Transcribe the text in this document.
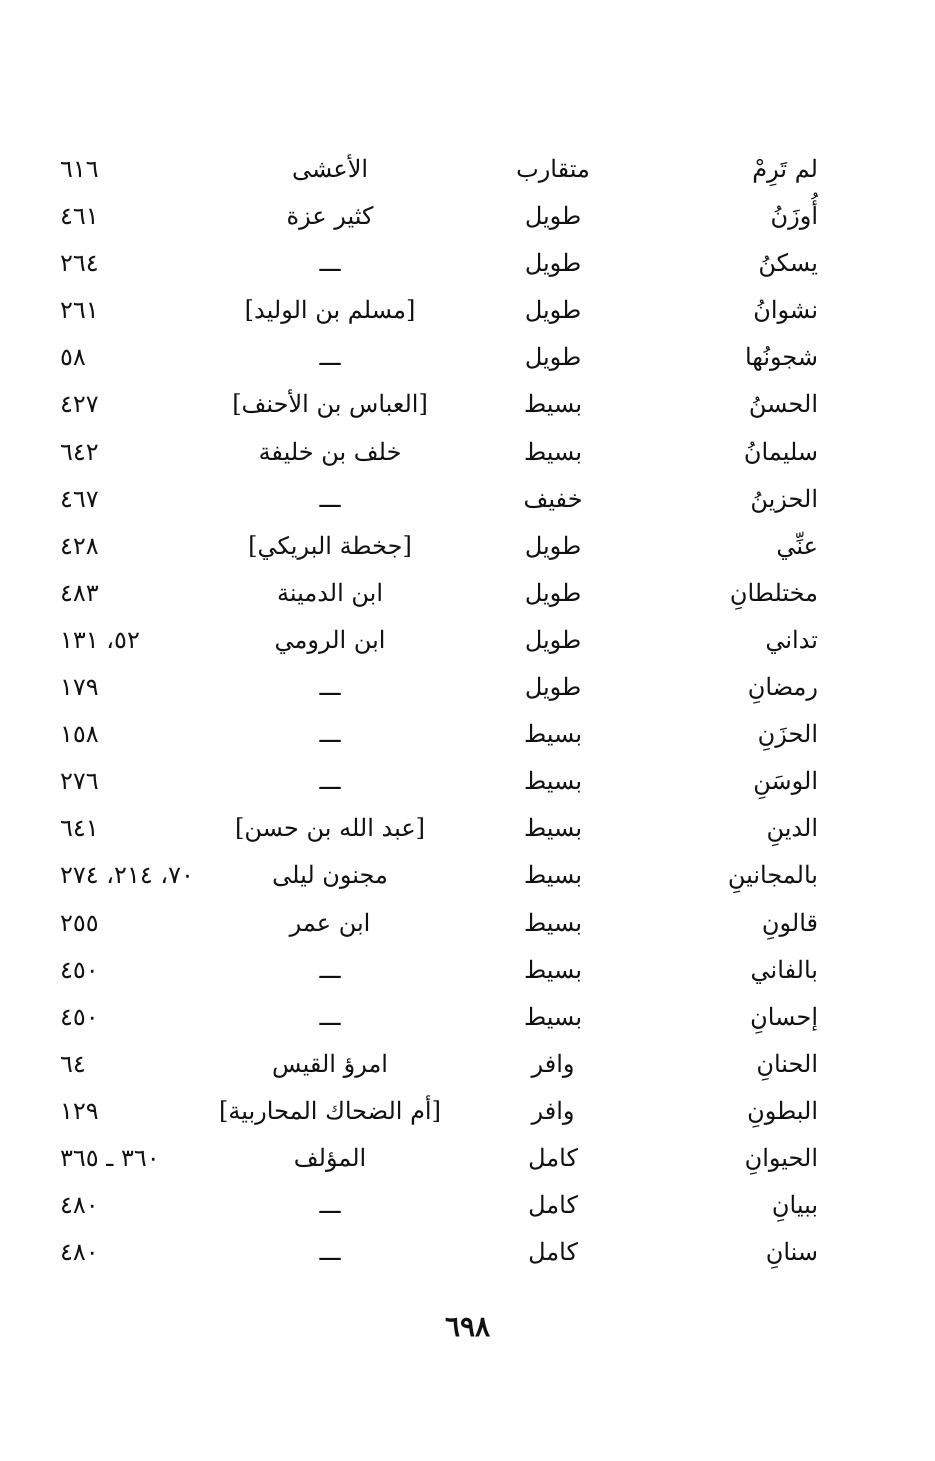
لم تَرِمْ
متقارب
الأعشى
٦١٦
أُوزَنُ
طويل
كثير عزة
٤٦١
يسكنُ
طويل
ـــ
٢٦٤
نشوانُ
طويل
[مسلم بن الوليد]
٢٦١
شجونُها
طويل
ـــ
٥٨
الحسنُ
بسيط
[العباس بن الأحنف]
٤٢٧
سليمانُ
بسيط
خلف بن خليفة
٦٤٢
الحزينُ
خفيف
ـــ
٤٦٧
عنِّي
طويل
[جخطة البريكي]
٤٢٨
مختلطانِ
طويل
ابن الدمينة
٤٨٣
تداني
طويل
ابن الرومي
٥٢، ١٣١
رمضانِ
طويل
ـــ
١٧٩
الحزَنِ
بسيط
ـــ
١٥٨
الوسَنِ
بسيط
ـــ
٢٧٦
الدينِ
بسيط
[عبد الله بن حسن]
٦٤١
بالمجانينِ
بسيط
مجنون ليلى
٧٠، ٢١٤، ٢٧٤
قالونِ
بسيط
ابن عمر
٢٥٥
بالفاني
بسيط
ـــ
٤٥٠
إحسانِ
بسيط
ـــ
٤٥٠
الحنانِ
وافر
امرؤ القيس
٦٤
البطونِ
وافر
[أم الضحاك المحاربية]
١٢٩
الحيوانِ
كامل
المؤلف
٣٦٠ ـ ٣٦٥
ببيانِ
كامل
ـــ
٤٨٠
سنانِ
كامل
ـــ
٤٨٠
٦٩٨
